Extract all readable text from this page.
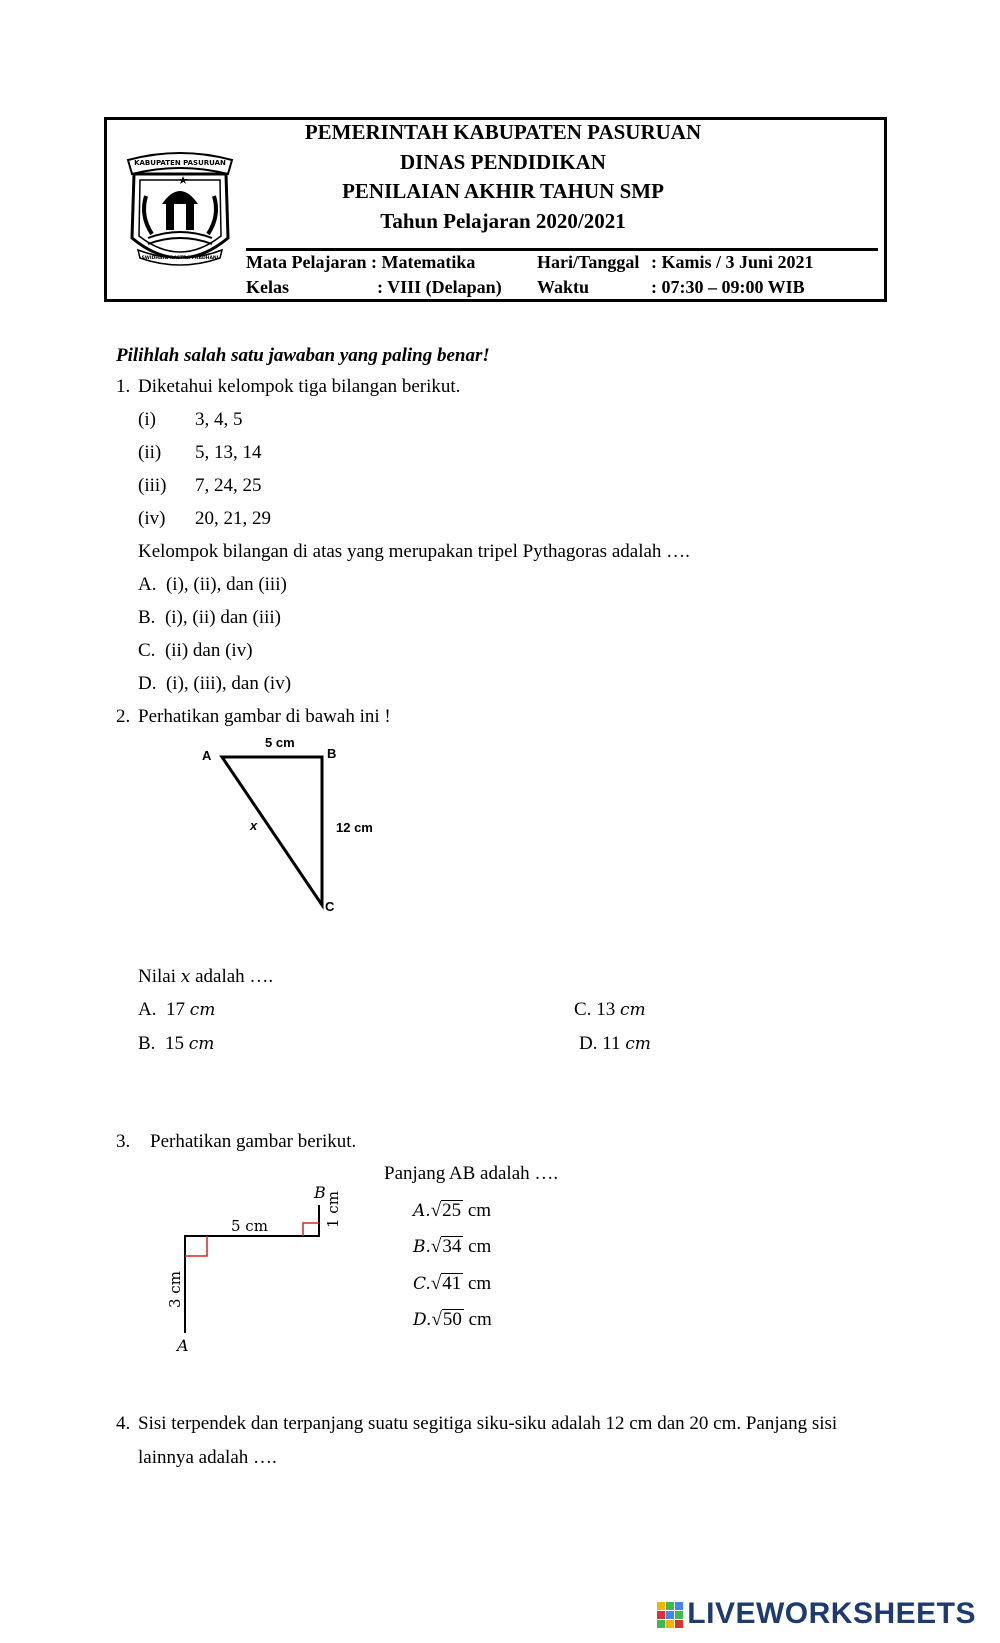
KABUPATEN PASURUAN
SWIDHAYA RASTRA PRADHANI
PEMERINTAH KABUPATEN PASURUAN
DINAS PENDIDIKAN
PENILAIAN AKHIR TAHUN SMP
Tahun Pelajaran 2020/2021
Mata Pelajaran : Matematika
Kelas	: VIII (Delapan)
Hari/Tanggal : Kamis / 3 Juni 2021
Waktu	: 07:30 – 09:00 WIB
Pilihlah salah satu jawaban yang paling benar!
1. Diketahui kelompok tiga bilangan berikut.
(i) 3, 4, 5
(ii) 5, 13, 14
(iii) 7, 24, 25
(iv) 20, 21, 29
Kelompok bilangan di atas yang merupakan tripel Pythagoras adalah ….
A. (i), (ii), dan (iii)
B. (i), (ii) dan (iii)
C. (ii) dan (iv)
D. (i), (iii), dan (iv)
2. Perhatikan gambar di bawah ini !
A	B
C
5 cm
12 cm
x
Nilai x adalah ….
A. 17 cm
B. 15 cm
C. 13 cm
D. 11 cm
3. Perhatikan gambar berikut.
5 cm
3 cm
1 cm
B
A
Panjang AB adalah ….
A.√25 cm
B.√34 cm
C.√41 cm
D.√50 cm
4. Sisi terpendek dan terpanjang suatu segitiga siku-siku adalah 12 cm dan 20 cm. Panjang sisi
lainnya adalah ….
LIVEWORKSHEETS
